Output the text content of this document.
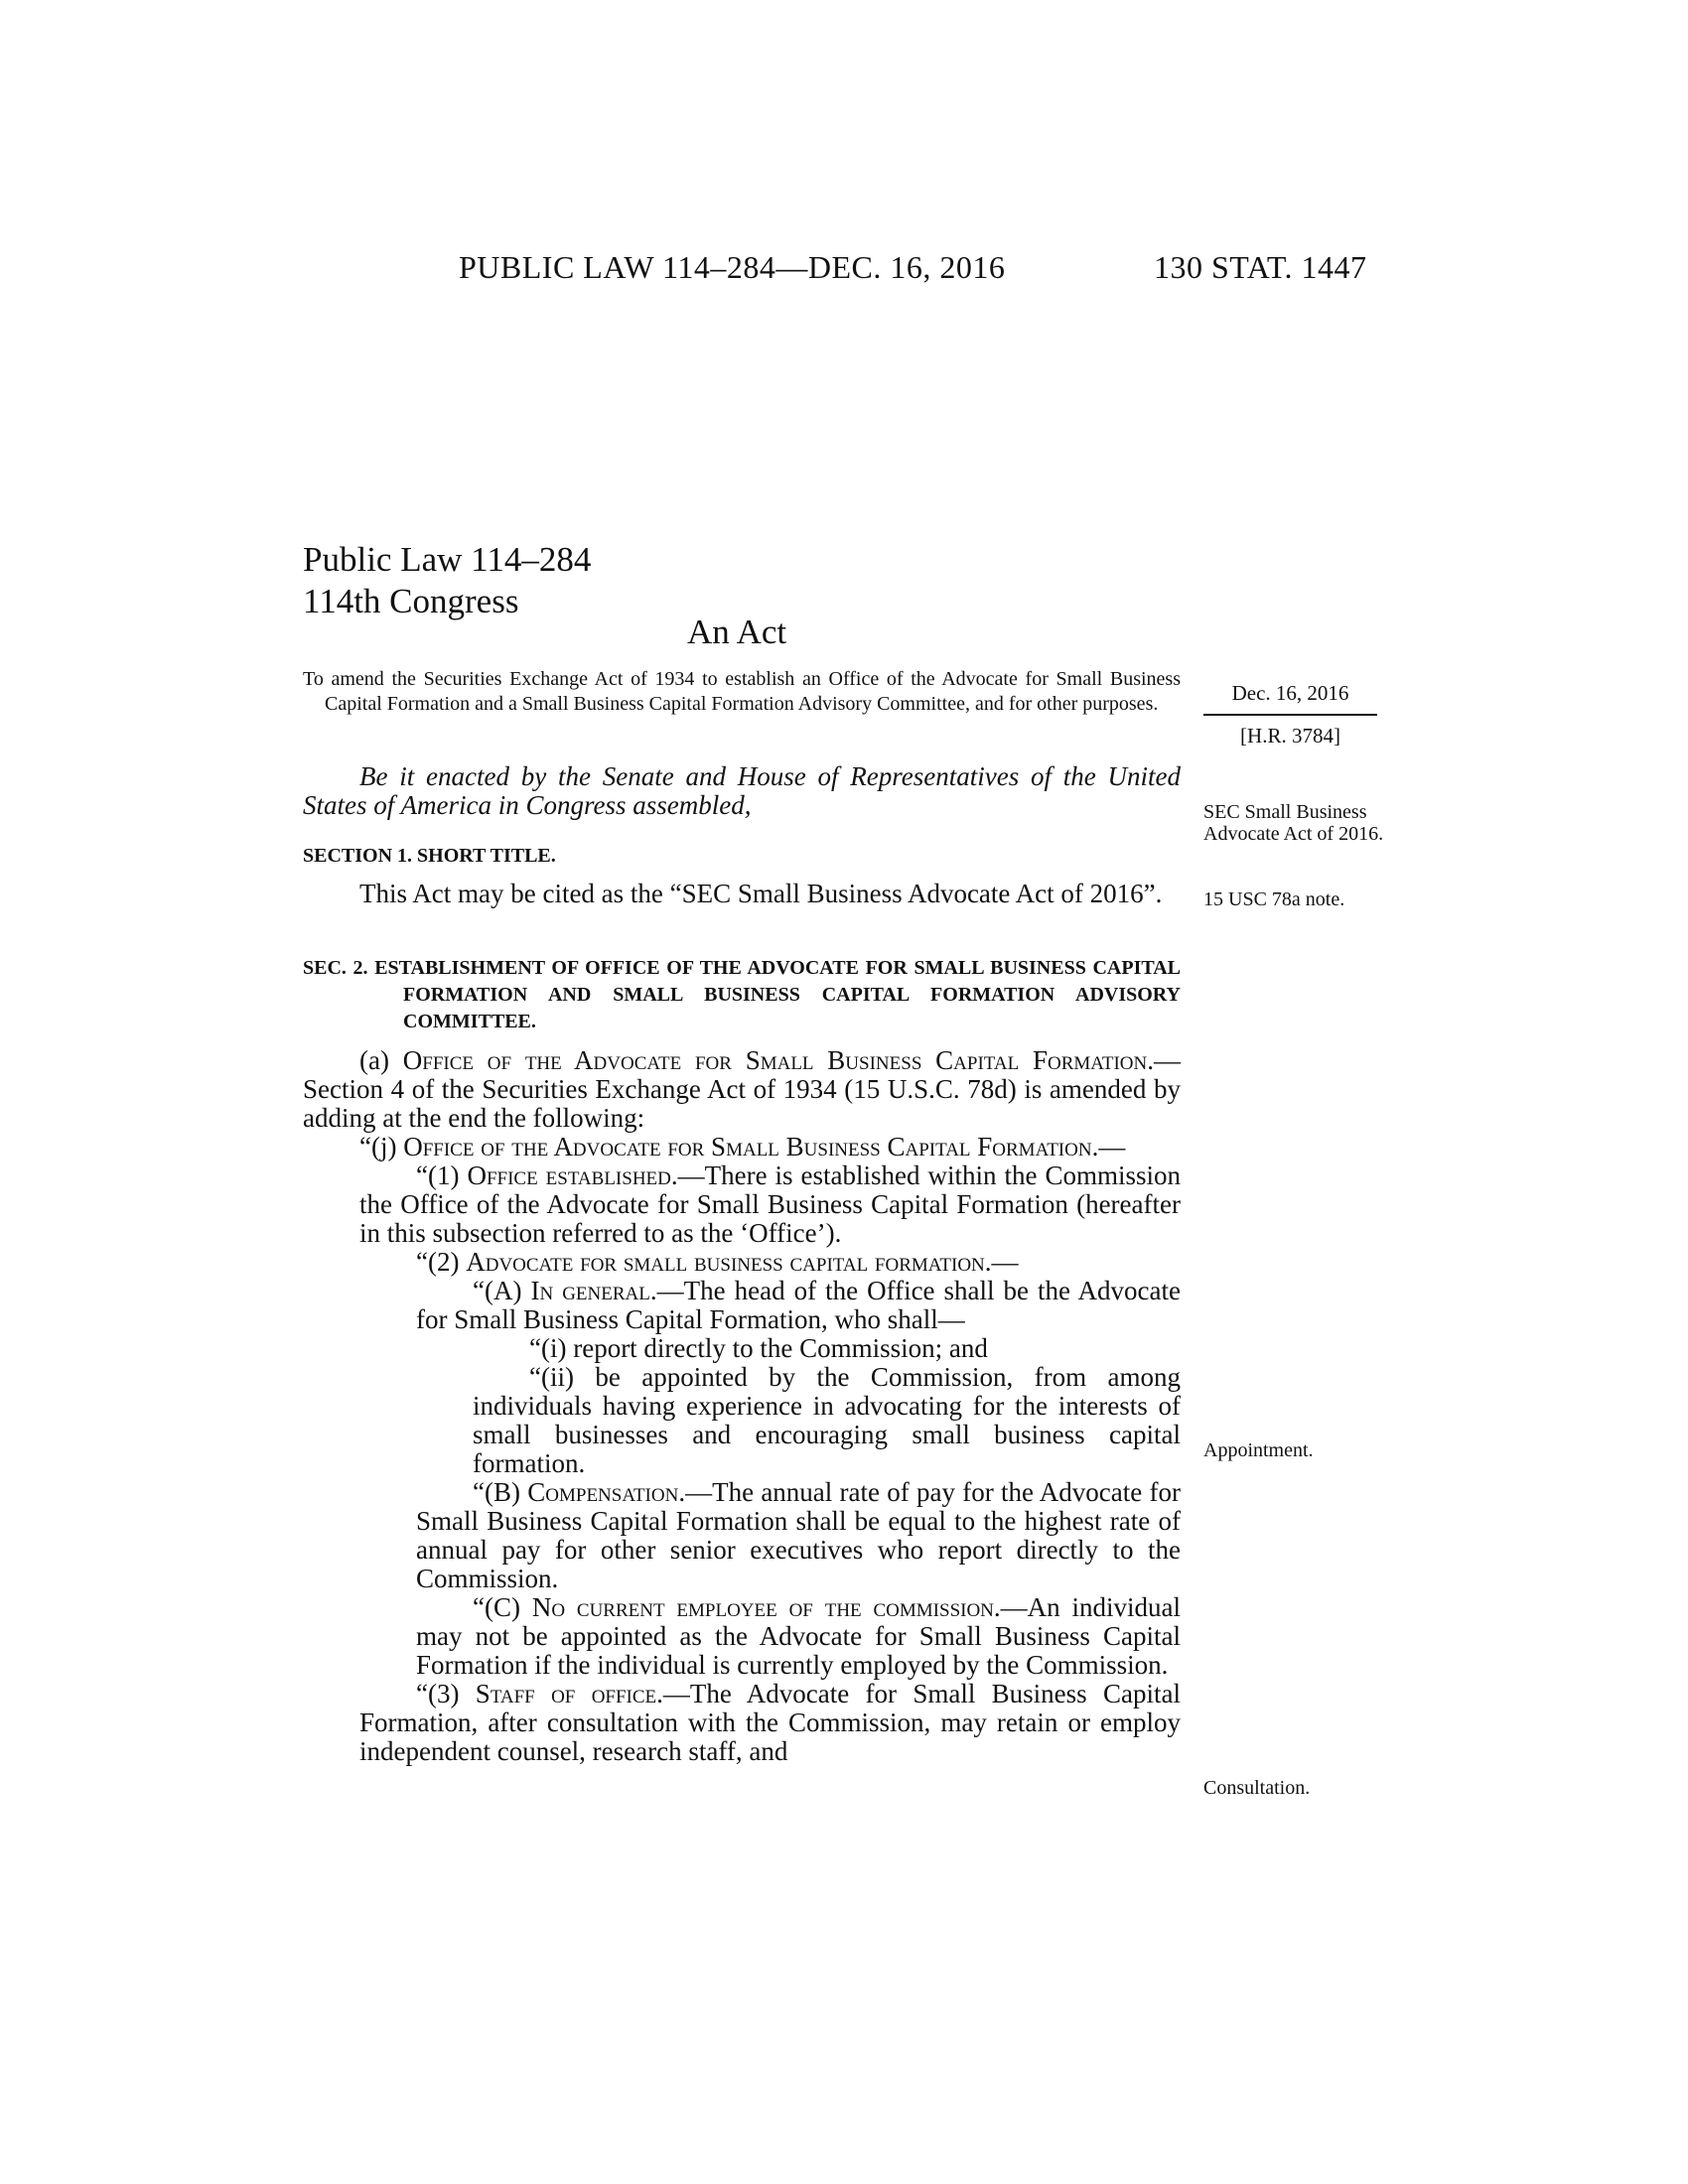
PUBLIC LAW 114–284—DEC. 16, 2016	130 STAT. 1447
Public Law 114–284
114th Congress
An Act
To amend the Securities Exchange Act of 1934 to establish an Office of the Advocate for Small Business Capital Formation and a Small Business Capital Formation Advisory Committee, and for other purposes.	Dec. 16, 2016
[H.R. 3784]
Be it enacted by the Senate and House of Representatives of the United States of America in Congress assembled,	SEC Small Business Advocate Act of 2016.
15 USC 78a note.
SECTION 1. SHORT TITLE.
This Act may be cited as the “SEC Small Business Advocate Act of 2016”.
SEC. 2. ESTABLISHMENT OF OFFICE OF THE ADVOCATE FOR SMALL BUSINESS CAPITAL FORMATION AND SMALL BUSINESS CAPITAL FORMATION ADVISORY COMMITTEE.

(a) Office of the Advocate for Small Business Capital Formation.—Section 4 of the Securities Exchange Act of 1934 (15 U.S.C. 78d) is amended by adding at the end the following:

“(j) Office of the Advocate for Small Business Capital Formation.—

“(1) Office established.—There is established within the Commission the Office of the Advocate for Small Business Capital Formation (hereafter in this subsection referred to as the ‘Office’).

“(2) Advocate for small business capital formation.—

“(A) In general.—The head of the Office shall be the Advocate for Small Business Capital Formation, who shall—

“(i) report directly to the Commission; and

“(ii) be appointed by the Commission, from among individuals having experience in advocating for the interests of small businesses and encouraging small business capital formation.

“(B) Compensation.—The annual rate of pay for the Advocate for Small Business Capital Formation shall be equal to the highest rate of annual pay for other senior executives who report directly to the Commission.

“(C) No current employee of the commission.—An individual may not be appointed as the Advocate for Small Business Capital Formation if the individual is currently employed by the Commission.

“(3) Staff of office.—The Advocate for Small Business Capital Formation, after consultation with the Commission, may retain or employ independent counsel, research staff, and

Appointment.
Consultation.
